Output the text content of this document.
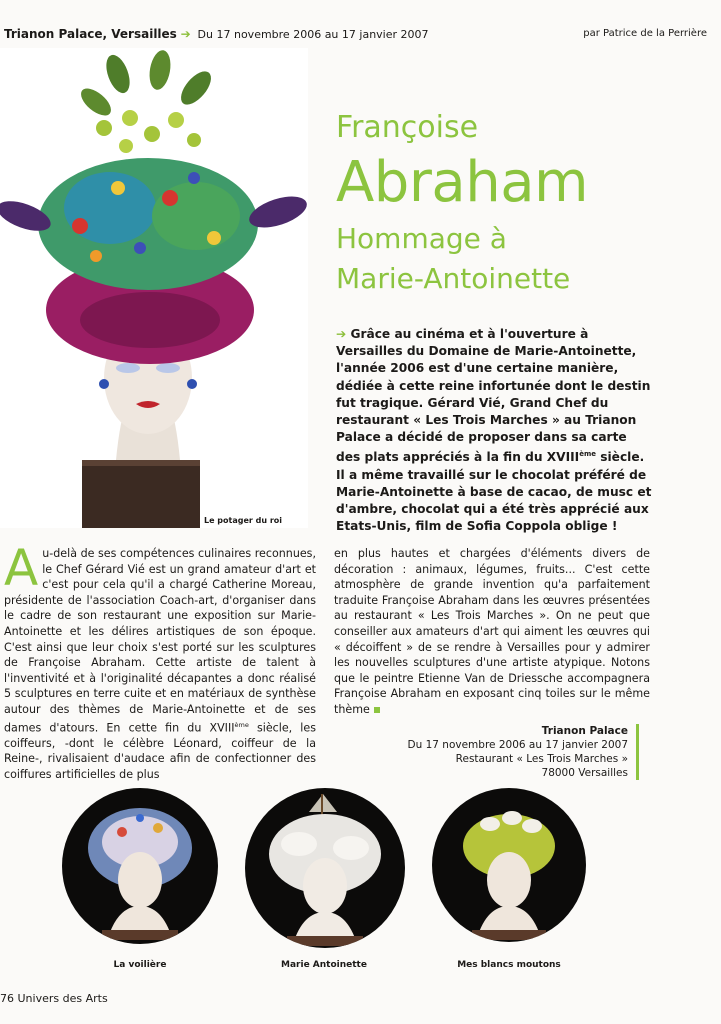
Trianon Palace, Versailles ➔ Du 17 novembre 2006 au 17 janvier 2007	par Patrice de la Perrière
Le potager du roi
Françoise
Abraham
Hommage à
Marie-Antoinette
➔ Grâce au cinéma et à l'ouverture à Versailles du Domaine de Marie-Antoinette, l'année 2006 est d'une certaine manière, dédiée à cette reine infortunée dont le destin fut tragique. Gérard Vié, Grand Chef du restaurant « Les Trois Marches » au Trianon Palace a décidé de proposer dans sa carte des plats appréciés à la fin du XVIIIème siècle. Il a même travaillé sur le chocolat préféré de Marie-Antoinette à base de cacao, de musc et d'ambre, chocolat qui a été très apprécié aux Etats-Unis, film de Sofia Coppola oblige !
Au-delà de ses compétences culinaires reconnues, le Chef Gérard Vié est un grand amateur d'art et c'est pour cela qu'il a chargé Catherine Moreau, présidente de l'association Coach-art, d'organiser dans le cadre de son restaurant une exposition sur Marie-Antoinette et les délires artistiques de son époque. C'est ainsi que leur choix s'est porté sur les sculptures de Françoise Abraham. Cette artiste de talent à l'inventivité et à l'originalité décapantes a donc réalisé 5 sculptures en terre cuite et en matériaux de synthèse autour des thèmes de Marie-Antoinette et de ses dames d'atours. En cette fin du XVIIIème siècle, les coiffeurs, -dont le célèbre Léonard, coiffeur de la Reine-, rivalisaient d'audace afin de confectionner des coiffures artificielles de plus
en plus hautes et chargées d'éléments divers de décoration : animaux, légumes, fruits... C'est cette atmosphère de grande invention qu'a parfaitement traduite Françoise Abraham dans les œuvres présentées au restaurant « Les Trois Marches ». On ne peut que conseiller aux amateurs d'art qui aiment les œuvres qui « décoiffent » de se rendre à Versailles pour y admirer les nouvelles sculptures d'une artiste atypique. Notons que le peintre Etienne Van de Driessche accompagnera Françoise Abraham en exposant cinq toiles sur le même thème
Trianon Palace
Du 17 novembre 2006 au 17 janvier 2007
Restaurant « Les Trois Marches »
78000 Versailles
La voilière	Marie Antoinette	Mes blancs moutons
76 Univers des Arts
